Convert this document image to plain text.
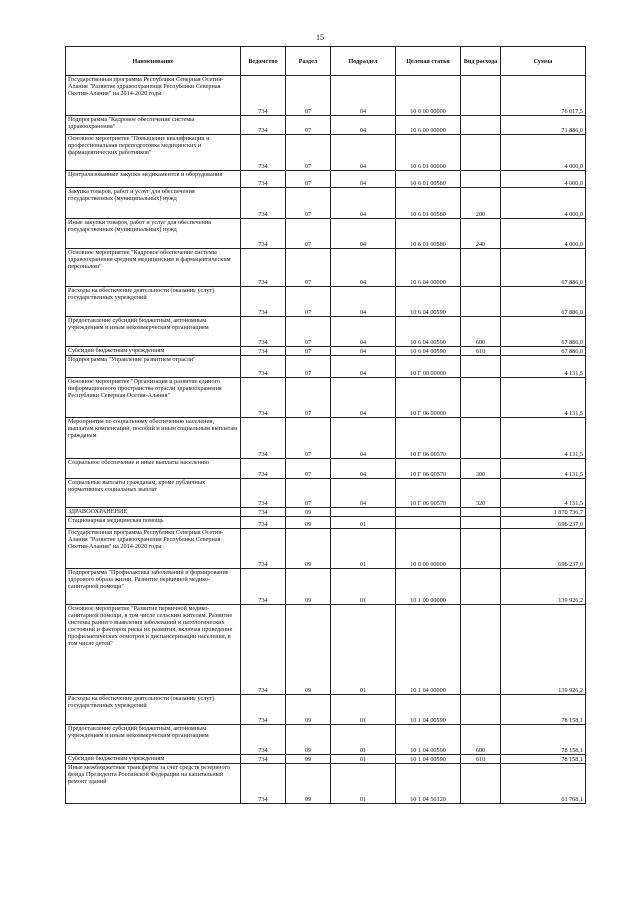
15
Наименование	Ведомство	Раздел	Подраздел	Целевая статья	Вид расхода	Сумма
Государственная программа Республики Северная Осетия-Алания "Развитие здравоохранения Республики Северная Осетия-Алания" на 2014-2020 годы	734	07	04	10 0 00 00000		76 017,5
Подпрограмма "Кадровое обеспечение системы здравоохранения"	734	07	04	10 6 00 00000		71 886,0
Основное мероприятие "Повышение квалификации и профессиональная переподготовка медицинских и фармацевтических работников"	734	07	04	10 6 01 00000		4 000,0
Централизованные закупки медикаментов и оборудования	734	07	04	10 6 01 00580		4 000,0
Закупка товаров, работ и услуг для обеспечения государственных (муниципальных) нужд	734	07	04	10 6 01 00580	200	4 000,0
Иные закупки товаров, работ и услуг для обеспечения государственных (муниципальных) нужд	734	07	04	10 6 01 00580	240	4 000,0
Основное мероприятие "Кадровое обеспечение системы здравоохранения средним медицинским и фармацевтическим персоналом"	734	07	04	10 6 04 00000		67 886,0
Расходы на обеспечение деятельности (оказание услуг) государственных учреждений	734	07	04	10 6 04 00590		67 886,0
Предоставление субсидий бюджетным, автономным учреждениям и иным некоммерческим организациям	734	07	04	10 6 04 00590	600	67 886,0
Субсидии бюджетным учреждениям	734	07	04	10 6 04 00590	610	67 886,0
Подпрограмма "Управление развитием отрасли"	734	07	04	10 Г 00 00000		4 131,5
Основное мероприятие "Организация и развитие единого информационного пространства отрасли здравоохранения Республики Северная Осетия-Алания"	734	07	04	10 Г 06 00000		4 131,5
Мероприятия по социальному обеспечению населения, выплатам компенсаций, пособий и иным социальным выплатам гражданам	734	07	04	10 Г 06 00570		4 131,5
Социальное обеспечение и иные выплаты населению	734	07	04	10 Г 06 00570	300	4 131,5
Социальные выплаты гражданам, кроме публичных нормативных социальных выплат	734	07	04	10 Г 06 00570	320	4 131,5
ЗДРАВООХРАНЕНИЕ	734	09				1 870 736,7
Стационарная медицинская помощь	734	09	01			696 237,0
Государственная программа Республики Северная Осетия-Алания "Развитие здравоохранения Республики Северная Осетия-Алания" на 2014-2020 годы	734	09	01	10 0 00 00000		696 237,0
Подпрограмма "Профилактика заболеваний и формирование здорового образа жизни. Развитие первичной медико-санитарной помощи"	734	09	01	10 1 00 00000		139 926,2
Основное мероприятие "Развитие первичной медико-санитарной помощи, в том числе сельским жителям. Развитие системы раннего выявления заболеваний и патологических состояний и факторов риска их развития, включая проведение профилактических осмотров и диспансеризации населения, в том числе детей"	734	09	01	10 1 04 00000		139 926,2
Расходы на обеспечение деятельности (оказание услуг) государственных учреждений	734	09	01	10 1 04 00590		78 158,1
Предоставление субсидий бюджетным, автономным учреждениям и иным некоммерческим организациям	734	09	01	10 1 04 00590	600	78 158,1
Субсидии бюджетным учреждениям	734	09	01	10 1 04 00590	610	78 158,1
Иные межбюджетные трансферты за счет средств резервного фонда Президента Российской Федерации на капитальный ремонт зданий	734	09	01	10 1 04 56120		61 768,1
